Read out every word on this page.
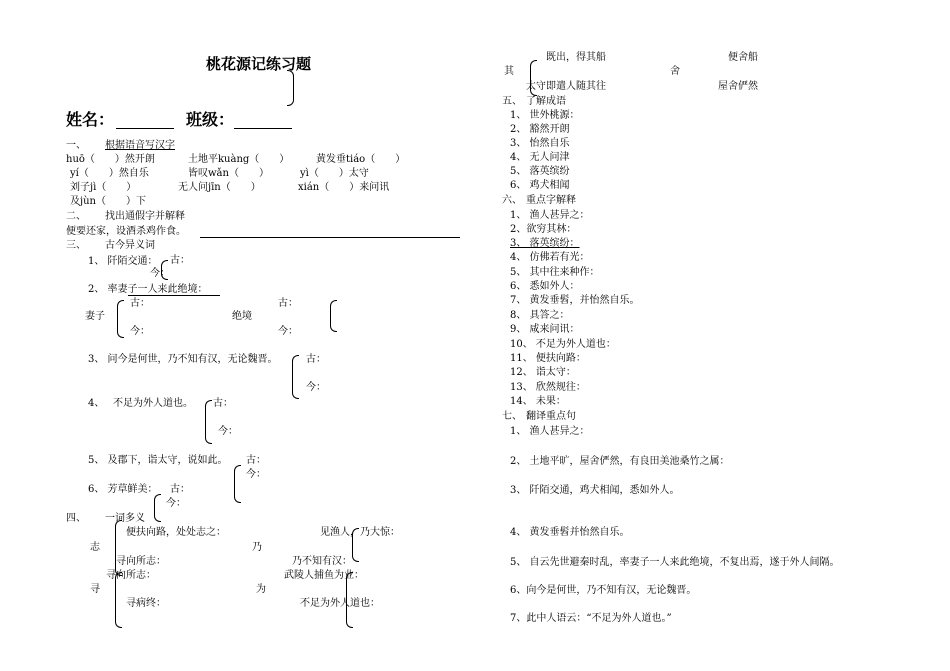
桃花源记练习题
姓名：	班级：
一、 根据语音写汉字
huō（　　）然开朗	土地平kuàng（　　）	黄发垂tiáo（　　）
yí（　　）然自乐	皆叹wǎn（　　）	yì（　　）太守
刘子jì（　　）	无人问jīn（　　）	xián（　　）来问讯
及jùn（　　）下
二、 找出通假字并解释
便要还家，设酒杀鸡作食。
三、 古今异义词
1、 阡陌交通： 古：
今：
2、 率妻子一人来此绝境：
妻子
古：
今：
绝境
古：
今：
3、 问今是何世，乃不知有汉，无论魏晋。	古：
今：
4、 不足为外人道也。 古：
今：
5、 及郡下，诣太守，说如此。 古：
今：
6、 芳草鲜美： 古：
今：
四、 一词多义
志
便扶向路，处处志之：
寻向所志：
乃
见渔人，乃大惊：
乃不知有汉：
寻
寻向所志：
寻病终：
为
武陵人捕鱼为业：
不足为外人道也：
其
既出，得其船
太守即遣人随其往
舍
便舍船
屋舍俨然
五、 了解成语
1、 世外桃源：
2、 豁然开朗
3、 怡然自乐
4、 无人问津
5、 落英缤纷
6、 鸡犬相闻
六、 重点字解释
1、 渔人甚异之：
2、欲穷其林：
3、 落英缤纷：
4、 仿佛若有光：
5、 其中往来种作：
6、 悉如外人：
7、 黄发垂髫，并怡然自乐。
8、 具答之：
9、 咸来问讯：
10、 不足为外人道也：
11、 便扶向路：
12、 诣太守：
13、 欣然规往：
14、 未果：
七、 翻译重点句
1、 渔人甚异之：
2、 土地平旷，屋舍俨然，有良田美池桑竹之属：
3、 阡陌交通，鸡犬相闻，悉如外人。
4、 黄发垂髫并怡然自乐。
5、 自云先世避秦时乱，率妻子一人来此绝境，不复出焉，遂于外人间隔。
6、向今是何世，乃不知有汉，无论魏晋。
7、此中人语云：“不足为外人道也。”
